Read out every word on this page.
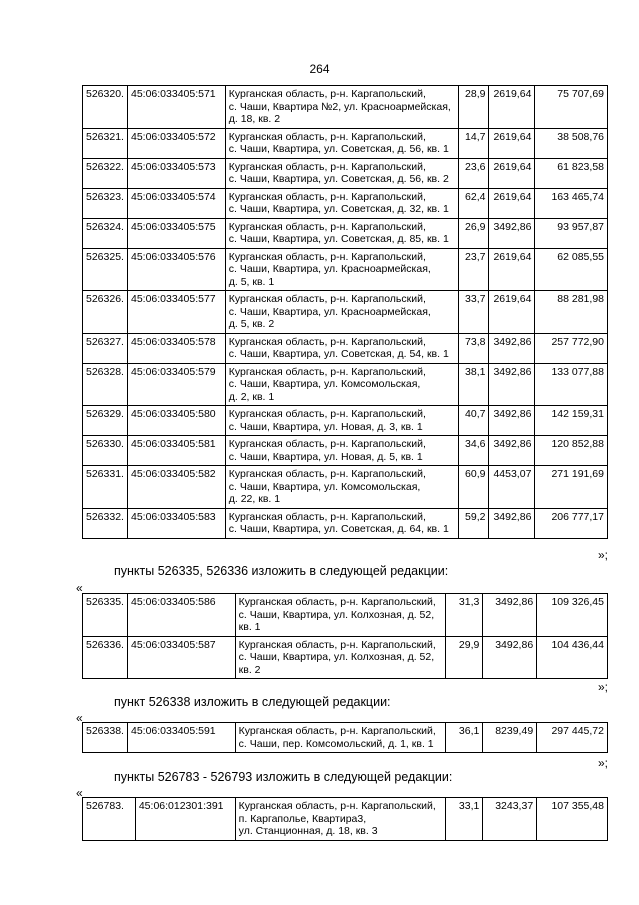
264
526320.	45:06:033405:571	Курганская область, р-н. Каргапольский,
с. Чаши, Квартира №2, ул. Красноармейская,
д. 18, кв. 2	28,9	2619,64	75 707,69
526321.	45:06:033405:572	Курганская область, р-н. Каргапольский,
с. Чаши, Квартира, ул. Советская, д. 56, кв. 1	14,7	2619,64	38 508,76
526322.	45:06:033405:573	Курганская область, р-н. Каргапольский,
с. Чаши, Квартира, ул. Советская, д. 56, кв. 2	23,6	2619,64	61 823,58
526323.	45:06:033405:574	Курганская область, р-н. Каргапольский,
с. Чаши, Квартира, ул. Советская, д. 32, кв. 1	62,4	2619,64	163 465,74
526324.	45:06:033405:575	Курганская область, р-н. Каргапольский,
с. Чаши, Квартира, ул. Советская, д. 85, кв. 1	26,9	3492,86	93 957,87
526325.	45:06:033405:576	Курганская область, р-н. Каргапольский,
с. Чаши, Квартира, ул. Красноармейская,
д. 5, кв. 1	23,7	2619,64	62 085,55
526326.	45:06:033405:577	Курганская область, р-н. Каргапольский,
с. Чаши, Квартира, ул. Красноармейская,
д. 5, кв. 2	33,7	2619,64	88 281,98
526327.	45:06:033405:578	Курганская область, р-н. Каргапольский,
с. Чаши, Квартира, ул. Советская, д. 54, кв. 1	73,8	3492,86	257 772,90
526328.	45:06:033405:579	Курганская область, р-н. Каргапольский,
с. Чаши, Квартира, ул. Комсомольская,
д. 2, кв. 1	38,1	3492,86	133 077,88
526329.	45:06:033405:580	Курганская область, р-н. Каргапольский,
с. Чаши, Квартира, ул. Новая, д. 3, кв. 1	40,7	3492,86	142 159,31
526330.	45:06:033405:581	Курганская область, р-н. Каргапольский,
с. Чаши, Квартира, ул. Новая, д. 5, кв. 1	34,6	3492,86	120 852,88
526331.	45:06:033405:582	Курганская область, р-н. Каргапольский,
с. Чаши, Квартира, ул. Комсомольская,
д. 22, кв. 1	60,9	4453,07	271 191,69
526332.	45:06:033405:583	Курганская область, р-н. Каргапольский,
с. Чаши, Квартира, ул. Советская, д. 64, кв. 1	59,2	3492,86	206 777,17
»;
пункты 526335, 526336 изложить в следующей редакции:
«
526335.	45:06:033405:586	Курганская область, р-н. Каргапольский,
с. Чаши, Квартира, ул. Колхозная, д. 52,
кв. 1	31,3	3492,86	109 326,45
526336.	45:06:033405:587	Курганская область, р-н. Каргапольский,
с. Чаши, Квартира, ул. Колхозная, д. 52,
кв. 2	29,9	3492,86	104 436,44
»;
пункт 526338 изложить в следующей редакции:
«
526338.	45:06:033405:591	Курганская область, р-н. Каргапольский,
с. Чаши, пер. Комсомольский, д. 1, кв. 1
	36,1	8239,49	297 445,72
»;
пункты 526783 - 526793 изложить в следующей редакции:
«
526783.	45:06:012301:391	Курганская область, р-н. Каргапольский,
п. Каргаполье, Квартира3,
ул. Станционная, д. 18, кв. 3
	33,1	3243,37	107 355,48
